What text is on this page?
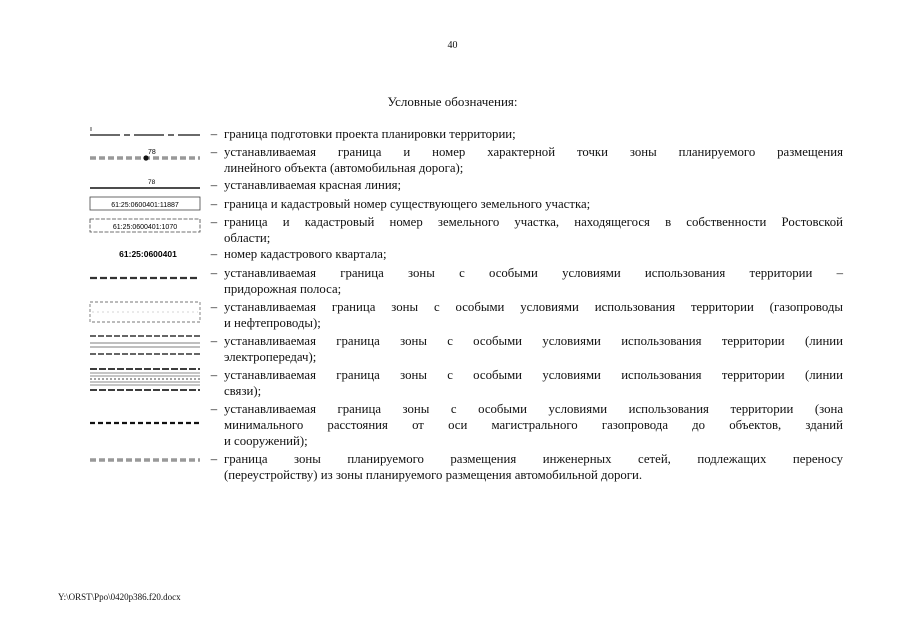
40
Условные обозначения:
– граница подготовки проекта планировки территории;
78	– устанавливаемая граница и номер характерной точки зоны планируемого размещения
линейного объекта (автомобильная дорога);
78	– устанавливаемая красная линия;
61:25:0600401:11887	– граница и кадастровый номер существующего земельного участка;
61:25:0600401:1070	– граница и кадастровый номер земельного участка, находящегося в собственности Ростовской
области;
61:25:0600401	– номер кадастрового квартала;
– устанавливаемая граница зоны с особыми условиями использования территории –
придорожная полоса;
– устанавливаемая граница зоны с особыми условиями использования территории (газопроводы
и нефтепроводы);
– устанавливаемая граница зоны с особыми условиями использования территории (линии
электропередач);
– устанавливаемая граница зоны с особыми условиями использования территории (линии
связи);
– устанавливаемая граница зоны с особыми условиями использования территории (зона
минимального расстояния от оси магистрального газопровода до объектов, зданий
и сооружений);
– граница зоны планируемого размещения инженерных сетей, подлежащих переносу
(переустройству) из зоны планируемого размещения автомобильной дороги.
Y:\ORST\Ppo\0420p386.f20.docx
